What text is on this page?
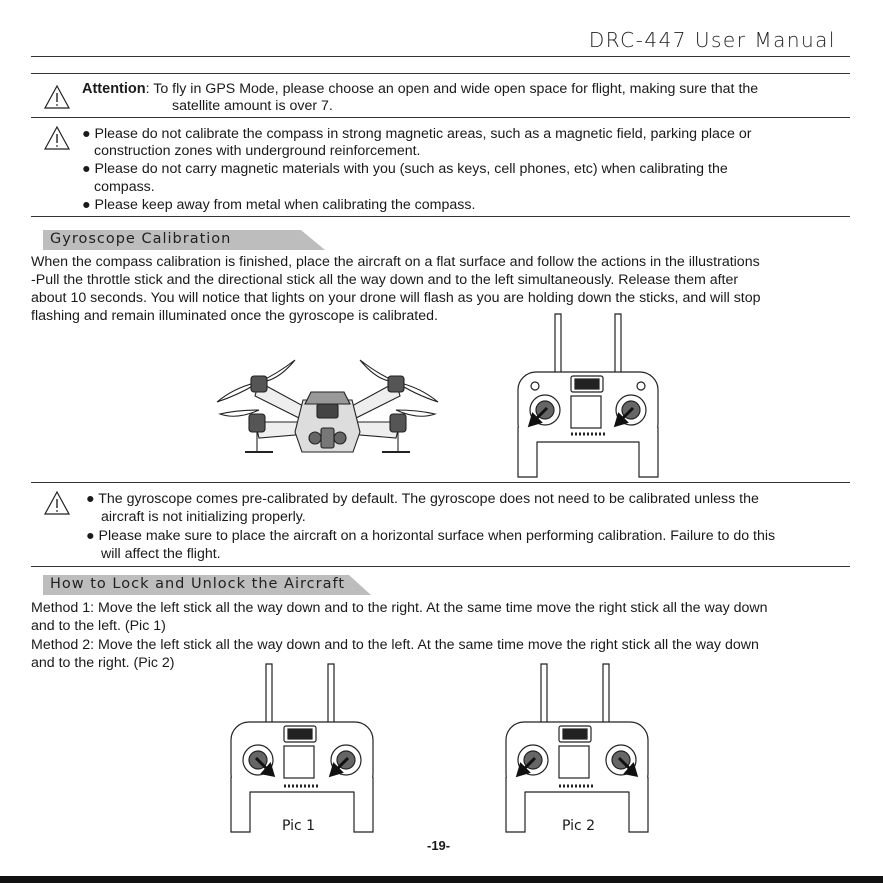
DRC-447 User Manual
Attention: To fly in GPS Mode, please choose an open and wide open space for flight, making sure that the
satellite amount is over 7.
● Please do not calibrate the compass in strong magnetic areas, such as a magnetic field, parking place or
construction zones with underground reinforcement.
● Please do not carry magnetic materials with you (such as keys, cell phones, etc) when calibrating the
compass.
● Please keep away from metal when calibrating the compass.
Gyroscope Calibration
When the compass calibration is finished, place the aircraft on a flat surface and follow the actions in the illustrations
-Pull the throttle stick and the directional stick all the way down and to the left simultaneously. Release them after
about 10 seconds. You will notice that lights on your drone will flash as you are holding down the sticks, and will stop
flashing and remain illuminated once the gyroscope is calibrated.
● The gyroscope comes pre-calibrated by default. The gyroscope does not need to be calibrated unless the
aircraft is not initializing properly.
● Please make sure to place the aircraft on a horizontal surface when performing calibration. Failure to do this
will affect the flight.
How to Lock and Unlock the Aircraft
Method 1: Move the left stick all the way down and to the right. At the same time move the right stick all the way down
and to the left. (Pic 1)
Method 2: Move the left stick all the way down and to the left. At the same time move the right stick all the way down
and to the right. (Pic 2)
Pic 1	Pic 2
-19-
